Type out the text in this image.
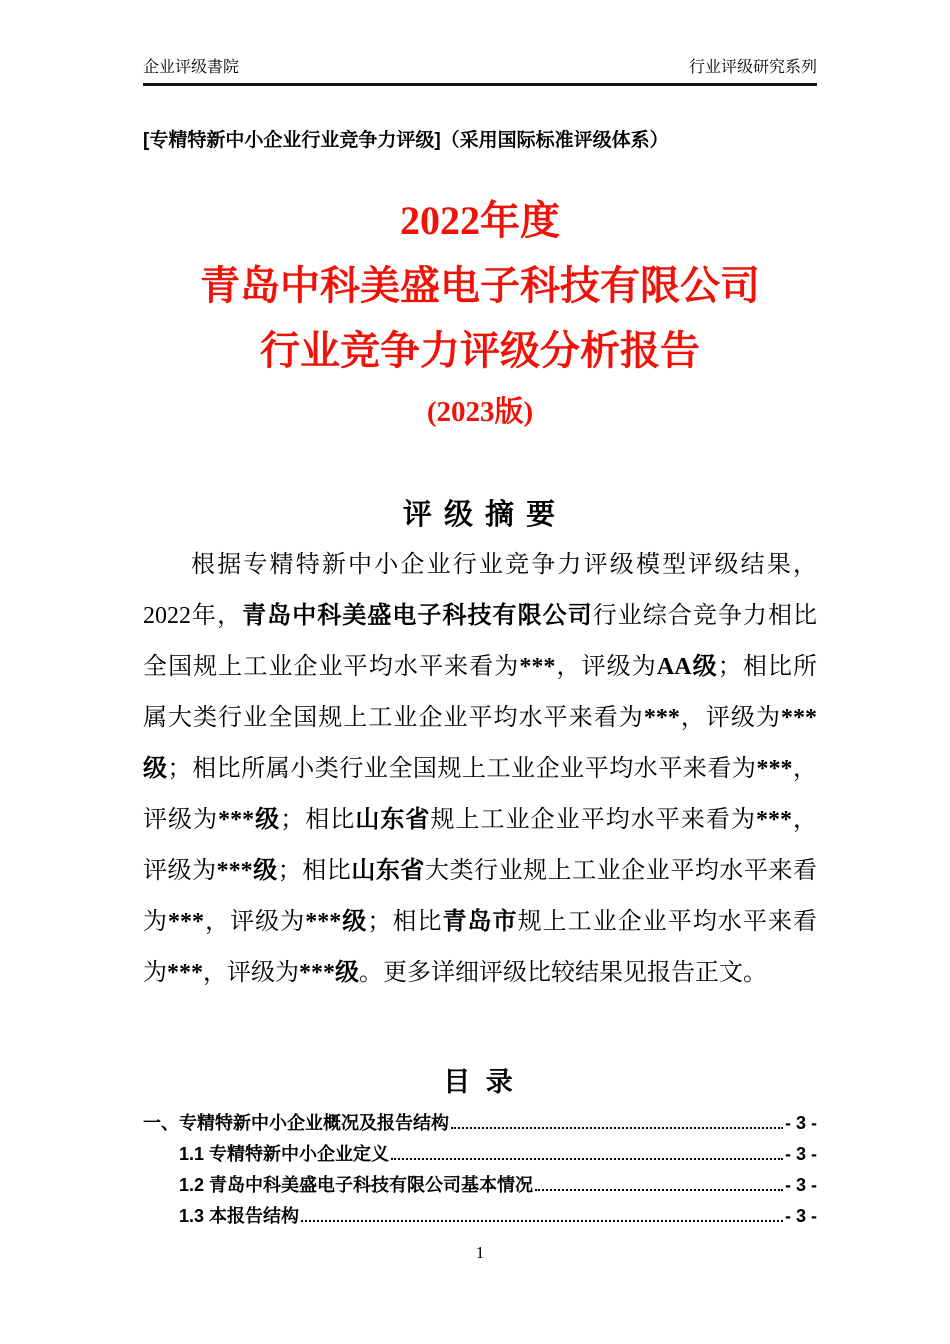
企业评级書院	行业评级研究系列
[专精特新中小企业行业竞争力评级]（采用国际标准评级体系）
2022年度
青岛中科美盛电子科技有限公司
行业竞争力评级分析报告
(2023版)
评 级 摘 要
根据专精特新中小企业行业竞争力评级模型评级结果，
2022年，青岛中科美盛电子科技有限公司行业综合竞争力相比
全国规上工业企业平均水平来看为***，评级为AA级；相比所
属大类行业全国规上工业企业平均水平来看为***，评级为***
级；相比所属小类行业全国规上工业企业平均水平来看为***，
评级为***级；相比山东省规上工业企业平均水平来看为***，
评级为***级；相比山东省大类行业规上工业企业平均水平来看
为***，评级为***级；相比青岛市规上工业企业平均水平来看
为***，评级为***级。更多详细评级比较结果见报告正文。
目 录
一、专精特新中小企业概况及报告结构	- 3 -
1.1 专精特新中小企业定义	- 3 -
1.2 青岛中科美盛电子科技有限公司基本情况	- 3 -
1.3 本报告结构	- 3 -
1
